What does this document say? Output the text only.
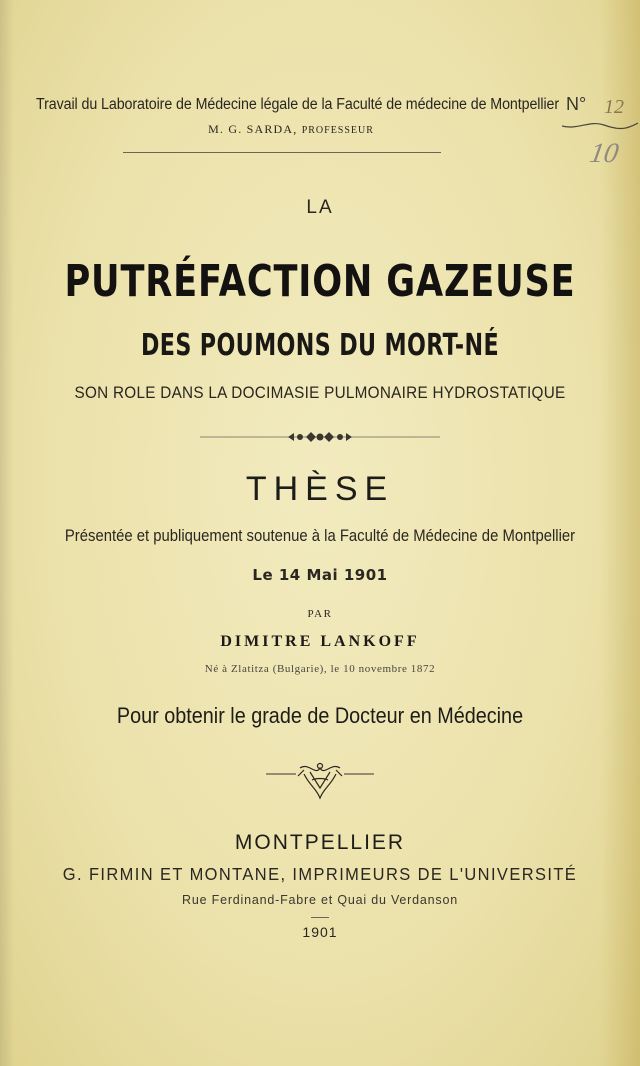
Travail du Laboratoire de Médecine légale de la Faculté de médecine de Montpellier
M. G. SARDA, PROFESSEUR
N° 12
10
LA
PUTRÉFACTION GAZEUSE
DES POUMONS DU MORT-NÉ
SON ROLE DANS LA DOCIMASIE PULMONAIRE HYDROSTATIQUE
THÈSE
Présentée et publiquement soutenue à la Faculté de Médecine de Montpellier
Le 14 Mai 1901
PAR
DIMITRE LANKOFF
Né à Zlatitza (Bulgarie), le 10 novembre 1872
Pour obtenir le grade de Docteur en Médecine
MONTPELLIER
G. FIRMIN ET MONTANE, IMPRIMEURS DE L'UNIVERSITÉ
Rue Ferdinand-Fabre et Quai du Verdanson
1901
